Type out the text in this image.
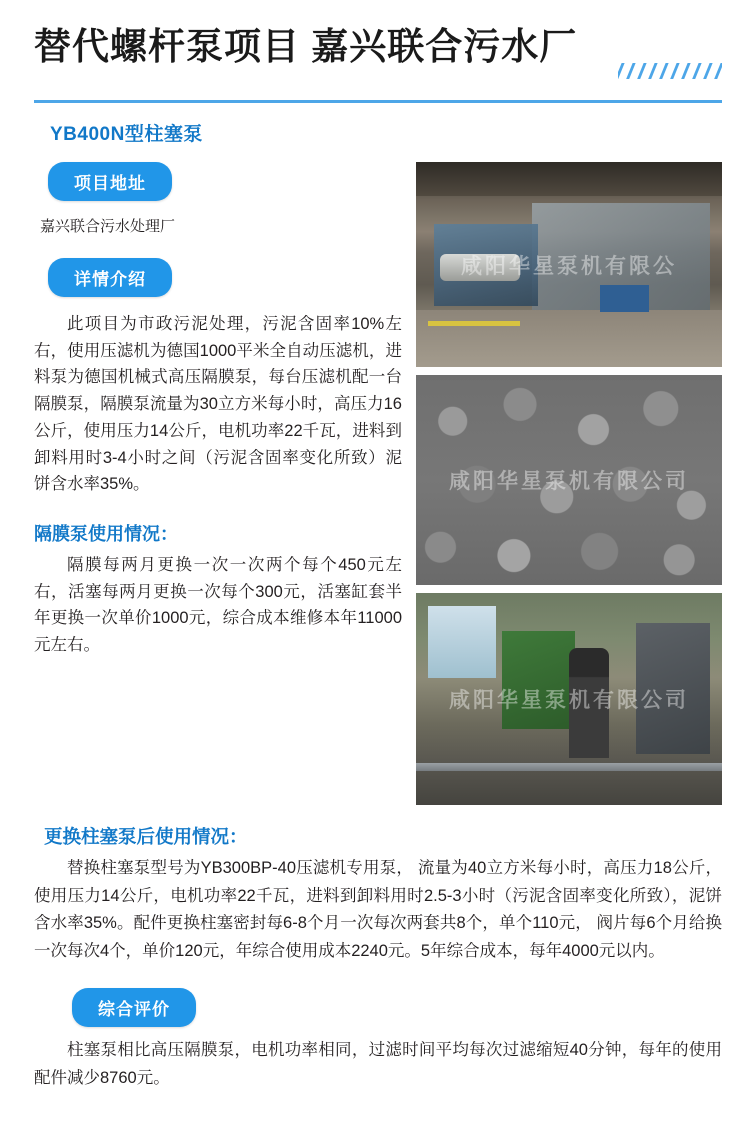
替代螺杆泵项目 嘉兴联合污水厂
YB400N型柱塞泵
项目地址
嘉兴联合污水处理厂
详情介绍

此项目为市政污泥处理，污泥含固率10%左右，使用压滤机为德国1000平米全自动压滤机，进料泵为德国机械式高压隔膜泵，每台压滤机配一台隔膜泵，隔膜泵流量为30立方米每小时，高压力16公斤，使用压力14公斤，电机功率22千瓦，进料到卸料用时3-4小时之间（污泥含固率变化所致）泥饼含水率35%。

隔膜泵使用情况：

隔膜每两月更换一次一次两个每个450元左右，活塞每两月更换一次每个300元，活塞缸套半年更换一次单价1000元，综合成本维修本年11000元左右。

咸阳华星泵机有限公
咸阳华星泵机有限公司
咸阳华星泵机有限公司
更换柱塞泵后使用情况：

替换柱塞泵型号为YB300BP-40压滤机专用泵， 流量为40立方米每小时，高压力18公斤，使用压力14公斤，电机功率22千瓦，进料到卸料用时2.5-3小时（污泥含固率变化所致），泥饼含水率35%。配件更换柱塞密封每6-8个月一次每次两套共8个，单个110元， 阀片每6个月给换一次每次4个，单价120元，年综合使用成本2240元。5年综合成本，每年4000元以内。

综合评价

柱塞泵相比高压隔膜泵，电机功率相同，过滤时间平均每次过滤缩短40分钟，每年的使用配件减少8760元。
